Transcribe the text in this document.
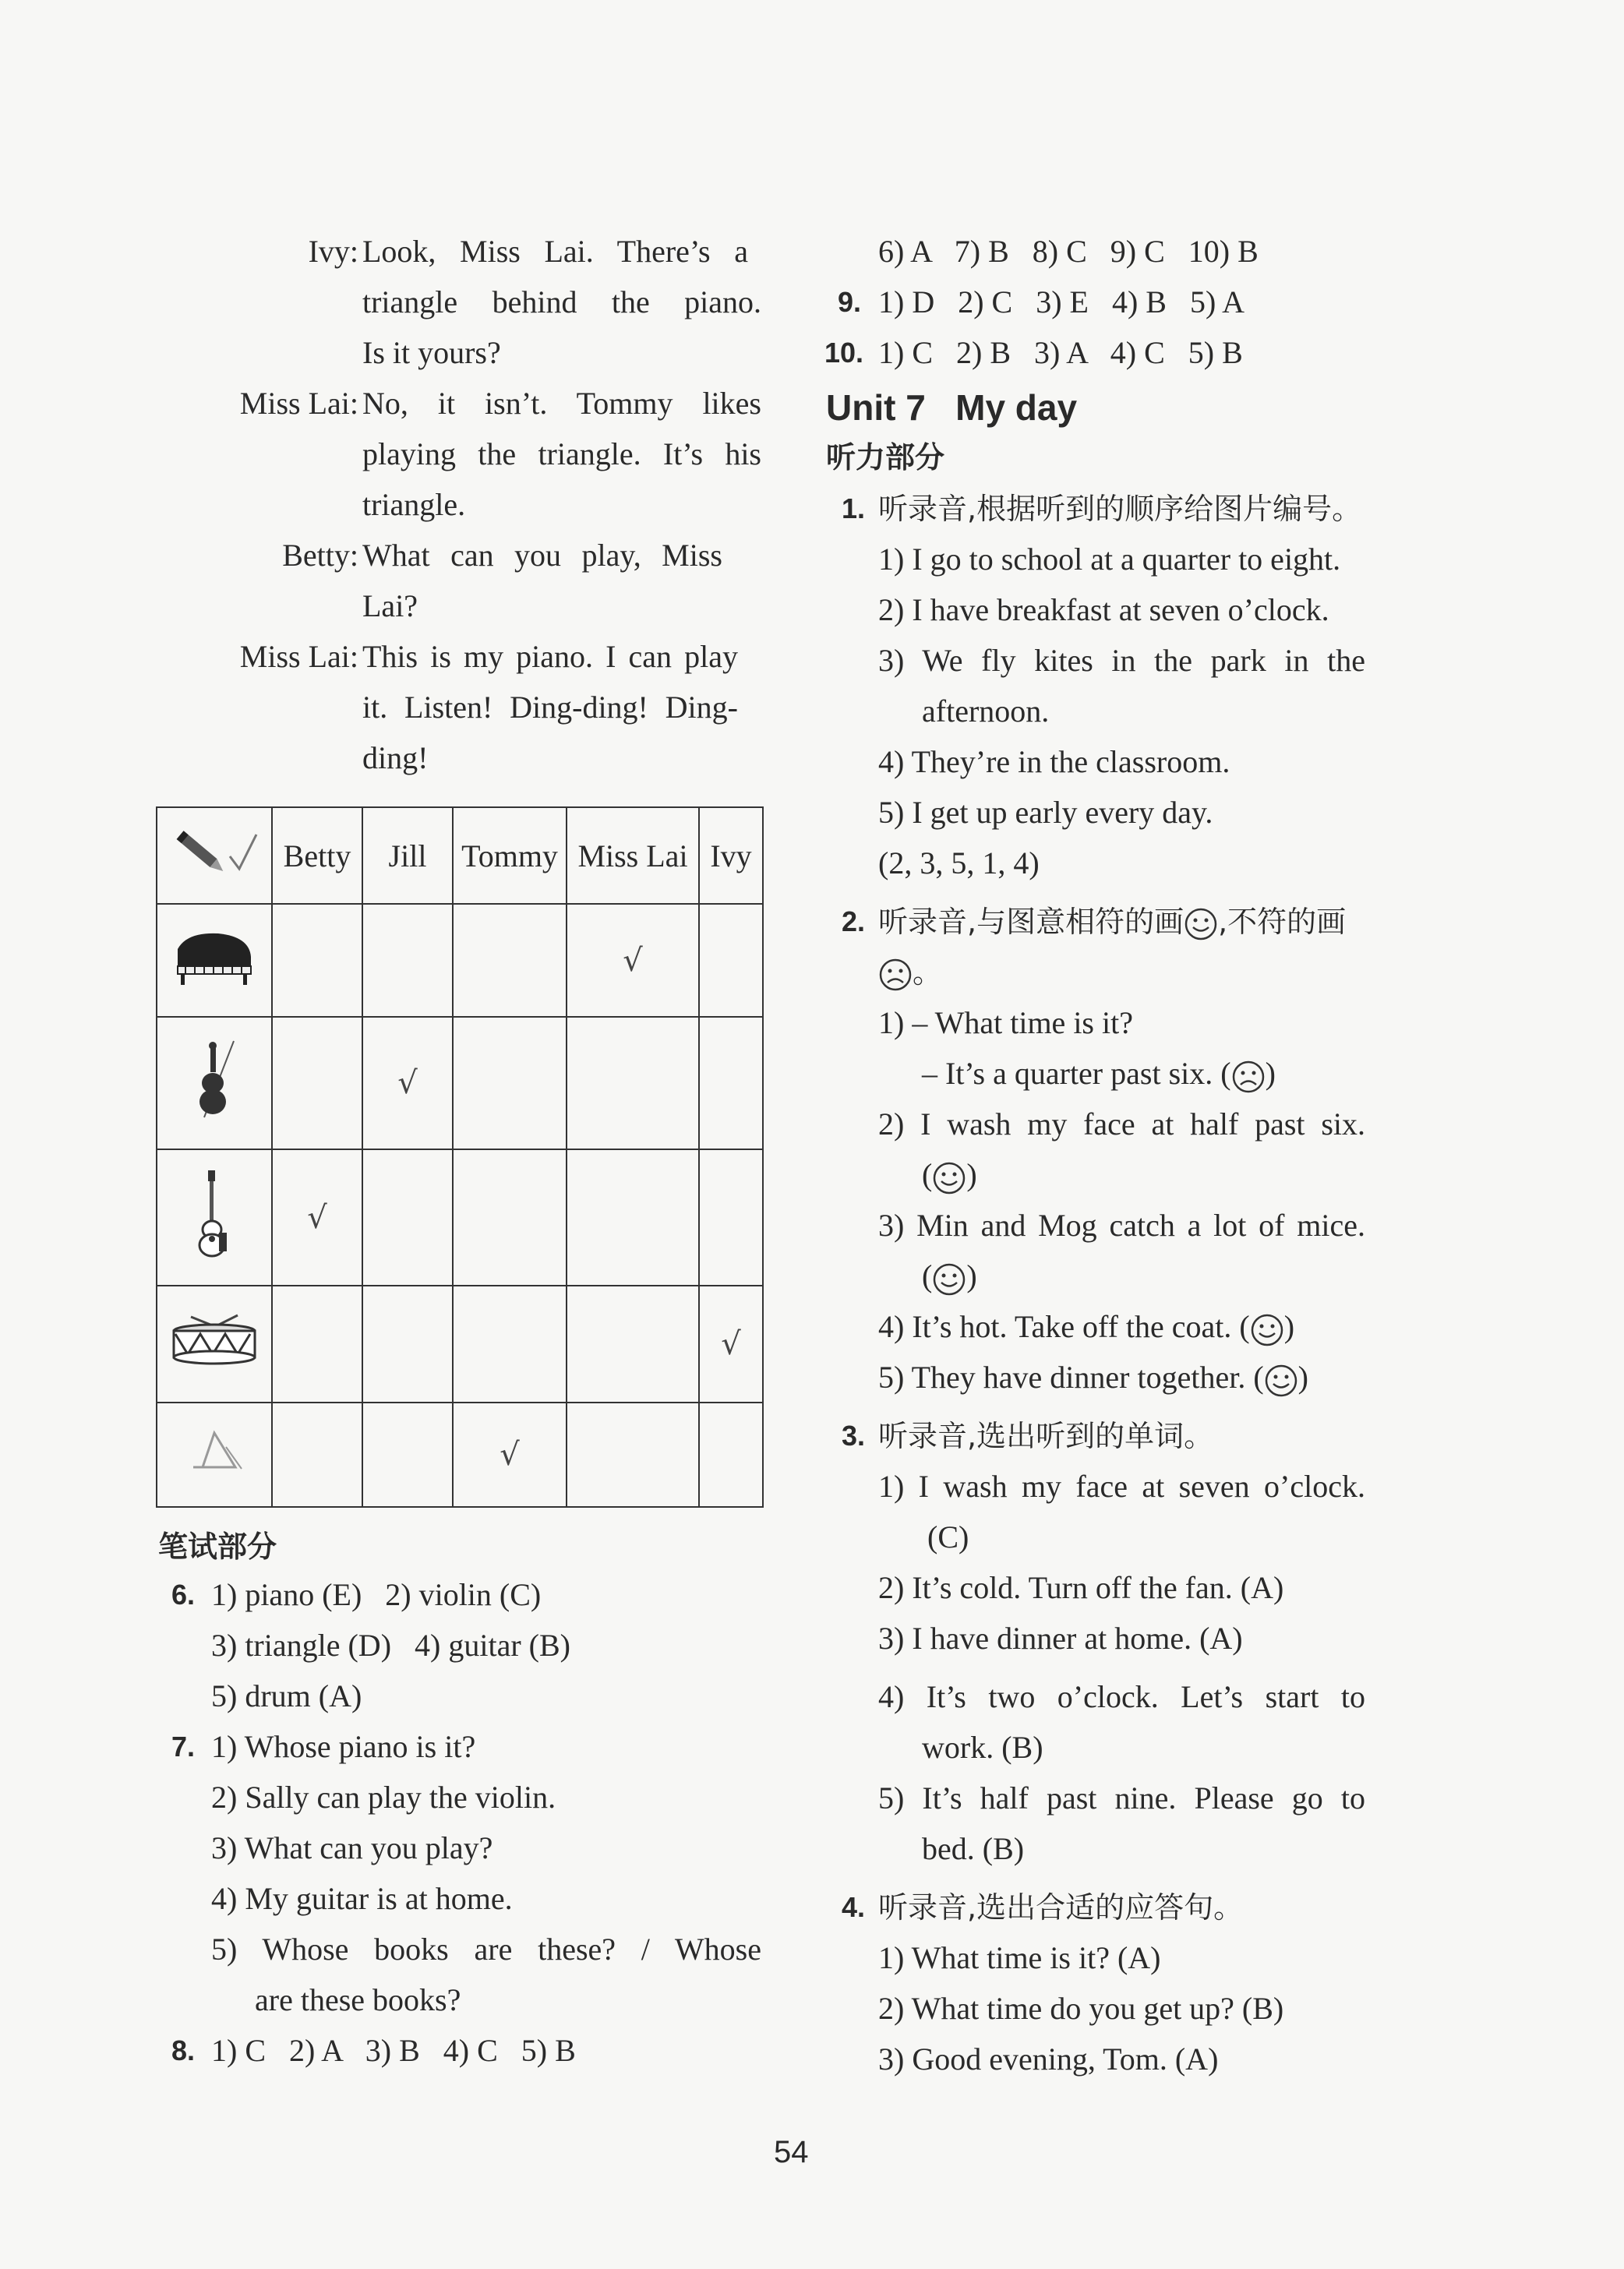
Ivy: Look, Miss Lai. There’s a
triangle behind the piano.
Is it yours?
Miss Lai: No, it isn’t. Tommy likes
playing the triangle. It’s his
triangle.
Betty: What can you play, Miss
Lai?
Miss Lai: This is my piano. I can play
it. Listen! Ding-ding! Ding-
ding!
	Betty	Jill	Tommy	Miss Lai	Ivy
				√	
		√			
	√				
					√
			√		
笔试部分
6. 1) piano (E)   2) violin (C)
3) triangle (D)   4) guitar (B)
5) drum (A)
7. 1) Whose piano is it?
2) Sally can play the violin.
3) What can you play?
4) My guitar is at home.
5) Whose books are these? / Whose
are these books?
8. 1) C   2) A   3) B   4) C   5) B
6) A   7) B   8) C   9) C   10) B
9. 1) D   2) C   3) E   4) B   5) A
10. 1) C   2) B   3) A   4) C   5) B
Unit 7   My day
听力部分
1. 听录音,根据听到的顺序给图片编号。
1) I go to school at a quarter to eight.
2) I have breakfast at seven o’clock.
3) We fly kites in the park in the
afternoon.
4) They’re in the classroom.
5) I get up early every day.
(2, 3, 5, 1, 4)
2. 听录音,与图意相符的画 ,不符的画
。
1) – What time is it?
– It’s a quarter past six. ( )
2) I wash my face at half past six.
( )
3) Min and Mog catch a lot of mice.
( )
4) It’s hot. Take off the coat. ( )
5) They have dinner together. ( )
3. 听录音,选出听到的单词。
1) I wash my face at seven o’clock.
(C)
2) It’s cold. Turn off the fan. (A)
3) I have dinner at home. (A)
4) It’s two o’clock. Let’s start to
work. (B)
5) It’s half past nine. Please go to
bed. (B)
4. 听录音,选出合适的应答句。
1) What time is it? (A)
2) What time do you get up? (B)
3) Good evening, Tom. (A)
54
